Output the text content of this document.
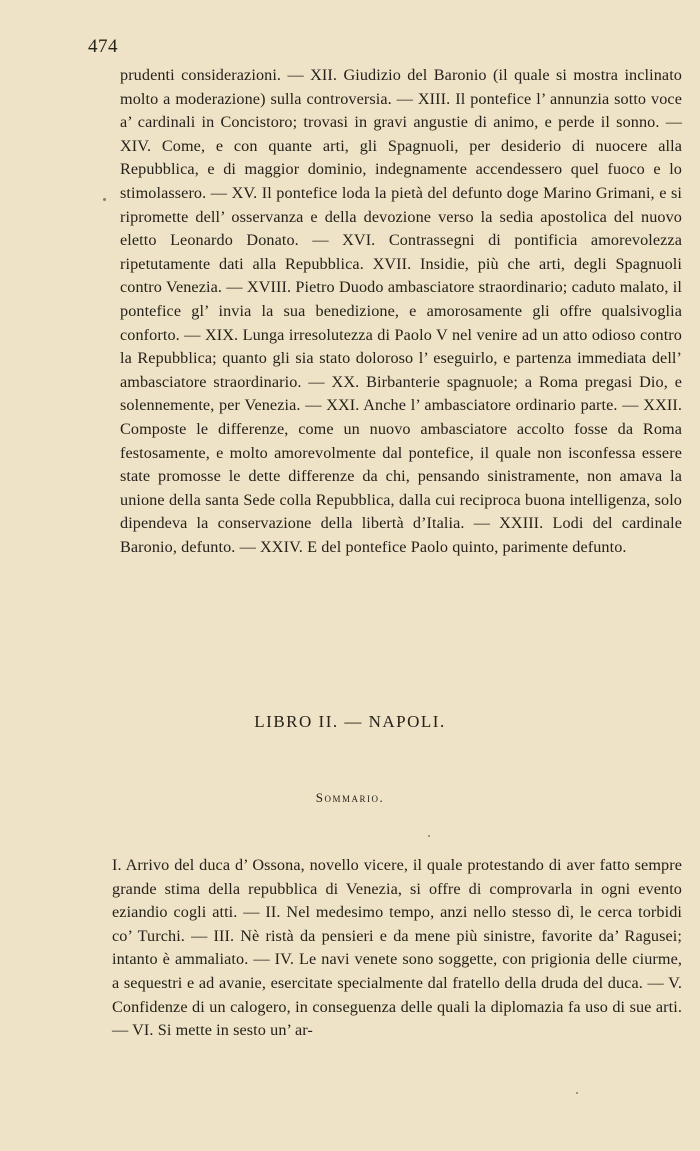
474

prudenti considerazioni. — XII. Giudizio del Baronio (il quale si mostra inclinato molto a moderazione) sulla controversia. — XIII. Il pontefice l’ annunzia sotto voce a’ cardinali in Concistoro; trovasi in gravi angustie di animo, e perde il sonno. — XIV. Come, e con quante arti, gli Spagnuoli, per desiderio di nuocere alla Repubblica, e di maggior dominio, indegnamente accendessero quel fuoco e lo stimolassero. — XV. Il pontefice loda la pietà del defunto doge Marino Grimani, e si ripromette dell’ osservanza e della devozione verso la sedia apostolica del nuovo eletto Leonardo Donato. — XVI. Contrassegni di pontificia amorevolezza ripetutamente dati alla Repubblica. XVII. Insidie, più che arti, degli Spagnuoli contro Venezia. — XVIII. Pietro Duodo ambasciatore straordinario; caduto malato, il pontefice gl’ invia la sua benedizione, e amorosamente gli offre qualsivoglia conforto. — XIX. Lunga irresolutezza di Paolo V nel venire ad un atto odioso contro la Repubblica; quanto gli sia stato doloroso l’ eseguirlo, e partenza immediata dell’ ambasciatore straordinario. — XX. Birbanterie spagnuole; a Roma pregasi Dio, e solennemente, per Venezia. — XXI. Anche l’ ambasciatore ordinario parte. — XXII. Composte le differenze, come un nuovo ambasciatore accolto fosse da Roma festosamente, e molto amorevolmente dal pontefice, il quale non isconfessa essere state promosse le dette differenze da chi, pensando sinistramente, non amava la unione della santa Sede colla Repubblica, dalla cui reciproca buona intelligenza, solo dipendeva la conservazione della libertà d’Italia. — XXIII. Lodi del cardinale Baronio, defunto. — XXIV. E del pontefice Paolo quinto, parimente defunto.

LIBRO II. — NAPOLI.
Sommario.

I. Arrivo del duca d’ Ossona, novello vicere, il quale protestando di aver fatto sempre grande stima della repubblica di Venezia, si offre di comprovarla in ogni evento eziandio cogli atti. — II. Nel medesimo tempo, anzi nello stesso dì, le cerca torbidi co’ Turchi. — III. Nè ristà da pensieri e da mene più sinistre, favorite da’ Ragusei; intanto è ammaliato. — IV. Le navi venete sono soggette, con prigionia delle ciurme, a sequestri e ad avanie, esercitate specialmente dal fratello della druda del duca. — V. Confidenze di un calogero, in conseguenza delle quali la diplomazia fa uso di sue arti. — VI. Si mette in sesto un’ ar-
